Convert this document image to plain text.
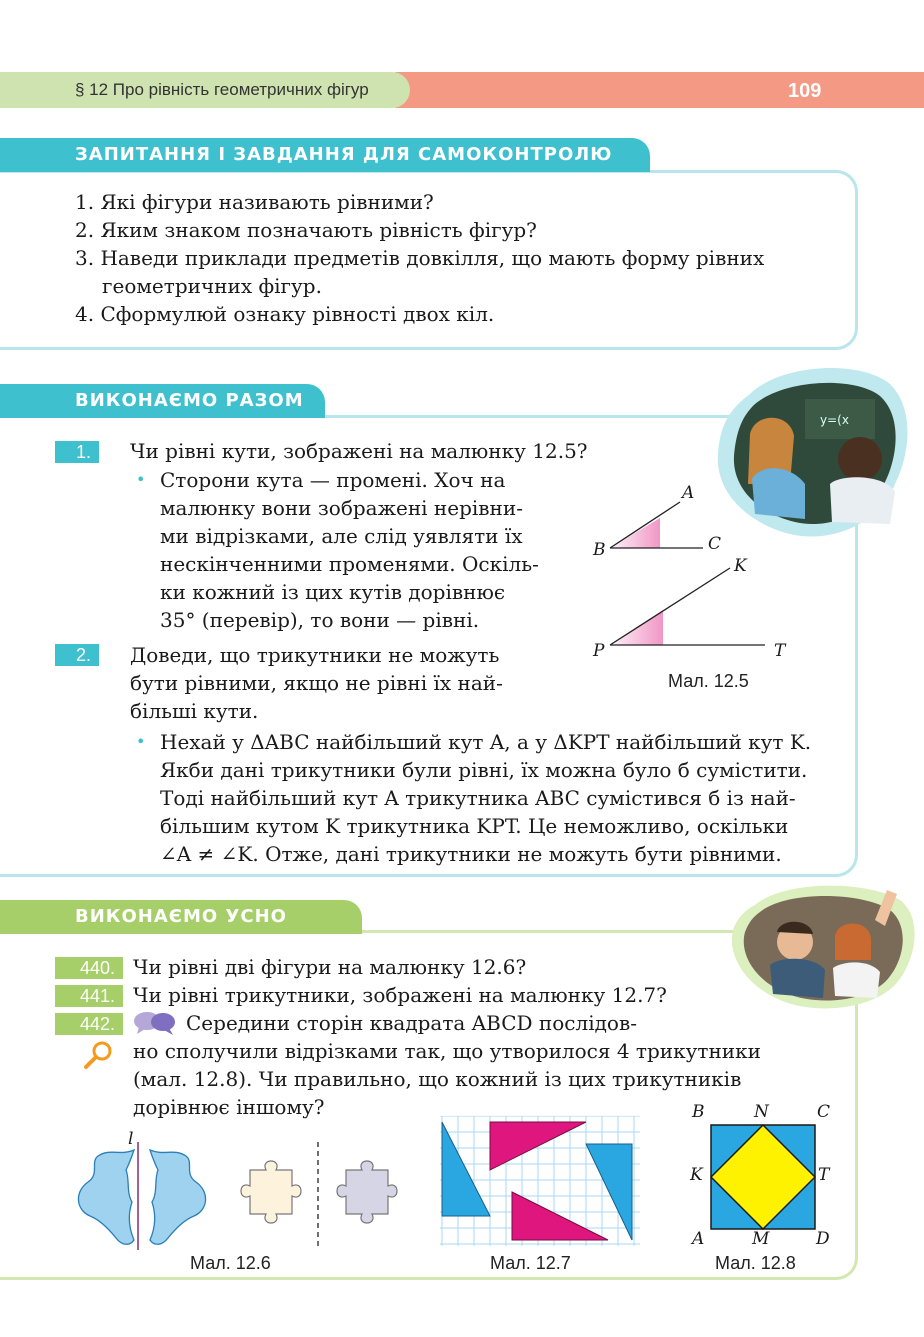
§ 12 Про рівність геометричних фігур	109
ЗАПИТАННЯ І ЗАВДАННЯ ДЛЯ САМОКОНТРОЛЮ
1. Які фігури називають рівними?
2. Яким знаком позначають рівність фігур?
3. Наведи приклади предметів довкілля, що мають форму рівних
геометричних фігур.
4. Сформулюй ознаку рівності двох кіл.
ВИКОНАЄМО РАЗОМ
y=(x
1.	Чи рівні кути, зображені на малюнку 12.5?
• Сторони кута — промені. Хоч на
малюнку вони зображені нерівни-
ми відрізками, але слід уявляти їх
нескінченними променями. Оскіль-
ки кожний із цих кутів дорівнює
35° (перевір), то вони — рівні.
A
B	C
K
P	T
Мал. 12.5
2.	Доведи, що трикутники не можуть
бути рівними, якщо не рівні їх най-
більші кути.
• Нехай у ΔABC найбільший кут A, а у ΔKPT найбільший кут K.
Якби дані трикутники були рівні, їх можна було б сумістити.
Тоді найбільший кут A трикутника ABC сумістився б із най-
більшим кутом K трикутника KPT. Це неможливо, оскільки
∠A ≠ ∠K. Отже, дані трикутники не можуть бути рівними.
ВИКОНАЄМО УСНО
440. Чи рівні дві фігури на малюнку 12.6?
441. Чи рівні трикутники, зображені на малюнку 12.7?
442.	Середини сторін квадрата ABCD послідов-
но сполучили відрізками так, що утворилося 4 трикутники
(мал. 12.8). Чи правильно, що кожний із цих трикутників
дорівнює іншому?
l
Мал. 12.6	Мал. 12.7
B	N	C
K	T
A	M	D
Мал. 12.8
